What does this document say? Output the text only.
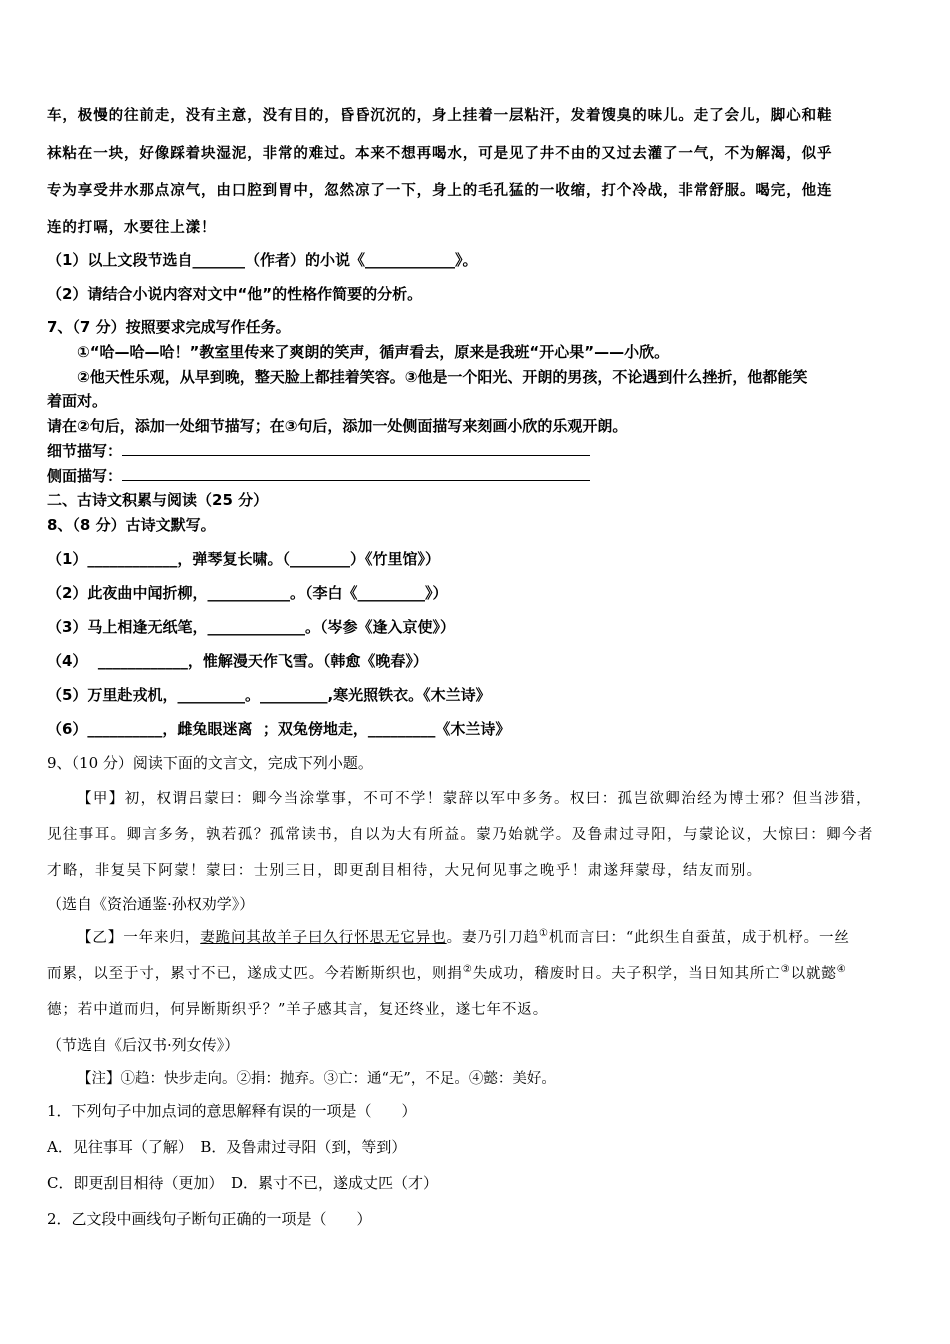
车，极慢的往前走，没有主意，没有目的，昏昏沉沉的，身上挂着一层粘汗，发着馊臭的味儿。走了会儿，脚心和鞋
袜粘在一块，好像踩着块湿泥，非常的难过。本来不想再喝水，可是见了井不由的又过去灌了一气，不为解渴，似乎
专为享受井水那点凉气，由口腔到胃中，忽然凉了一下，身上的毛孔猛的一收缩，打个冷战，非常舒服。喝完，他连
连的打嗝，水要往上漾！
（1）以上文段节选自_______（作者）的小说《____________》。
（2）请结合小说内容对文中“他”的性格作简要的分析。
7、（7 分）按照要求完成写作任务。
①“哈—哈—哈！”教室里传来了爽朗的笑声，循声看去，原来是我班“开心果”——小欣。
②他天性乐观，从早到晚，整天脸上都挂着笑容。③他是一个阳光、开朗的男孩，不论遇到什么挫折，他都能笑
着面对。
请在②句后，添加一处细节描写；在③句后，添加一处侧面描写来刻画小欣的乐观开朗。
细节描写：
侧面描写：
二、古诗文积累与阅读（25 分）
8、（8 分）古诗文默写。
（1）____________，弹琴复长啸。（________）《竹里馆》）
（2）此夜曲中闻折柳，___________。（李白《_________》）
（3）马上相逢无纸笔，_____________。（岑参《逢入京使》）
（4）  ____________，惟解漫天作飞雪。（韩愈《晚春》）
（5）万里赴戎机，_________。_________,寒光照铁衣。《木兰诗》
（6）__________，雌兔眼迷离  ；双兔傍地走，_________《木兰诗》
9、（10 分）阅读下面的文言文，完成下列小题。
【甲】初，权谓吕蒙曰：卿今当涂掌事，不可不学！蒙辞以军中多务。权曰：孤岂欲卿治经为博士邪？但当涉猎，
见往事耳。卿言多务，孰若孤？孤常读书，自以为大有所益。蒙乃始就学。及鲁肃过寻阳，与蒙论议，大惊曰：卿今者
才略，非复吴下阿蒙！蒙曰：士别三日，即更刮目相待，大兄何见事之晚乎！肃遂拜蒙母，结友而别。
（选自《资治通鉴·孙权劝学》）
【乙】一年来归，妻跪问其故羊子曰久行怀思无它异也。妻乃引刀趋①机而言曰：“此织生自蚕茧，成于机杼。一丝
而累，以至于寸，累寸不已，遂成丈匹。今若断斯织也，则捐②失成功，稽废时日。夫子积学，当日知其所亡③以就懿④
德；若中道而归，何异断斯织乎？”羊子感其言，复还终业，遂七年不返。
（节选自《后汉书·列女传》）
【注】①趋：快步走向。②捐：抛弃。③亡：通“无”，不足。④懿：美好。
1．下列句子中加点词的意思解释有误的一项是（　　）
A．见往事耳（了解）　B．及鲁肃过寻阳（到，等到）
C．即更刮目相待（更加）　D．累寸不已，遂成丈匹（才）
2．乙文段中画线句子断句正确的一项是（　　）
